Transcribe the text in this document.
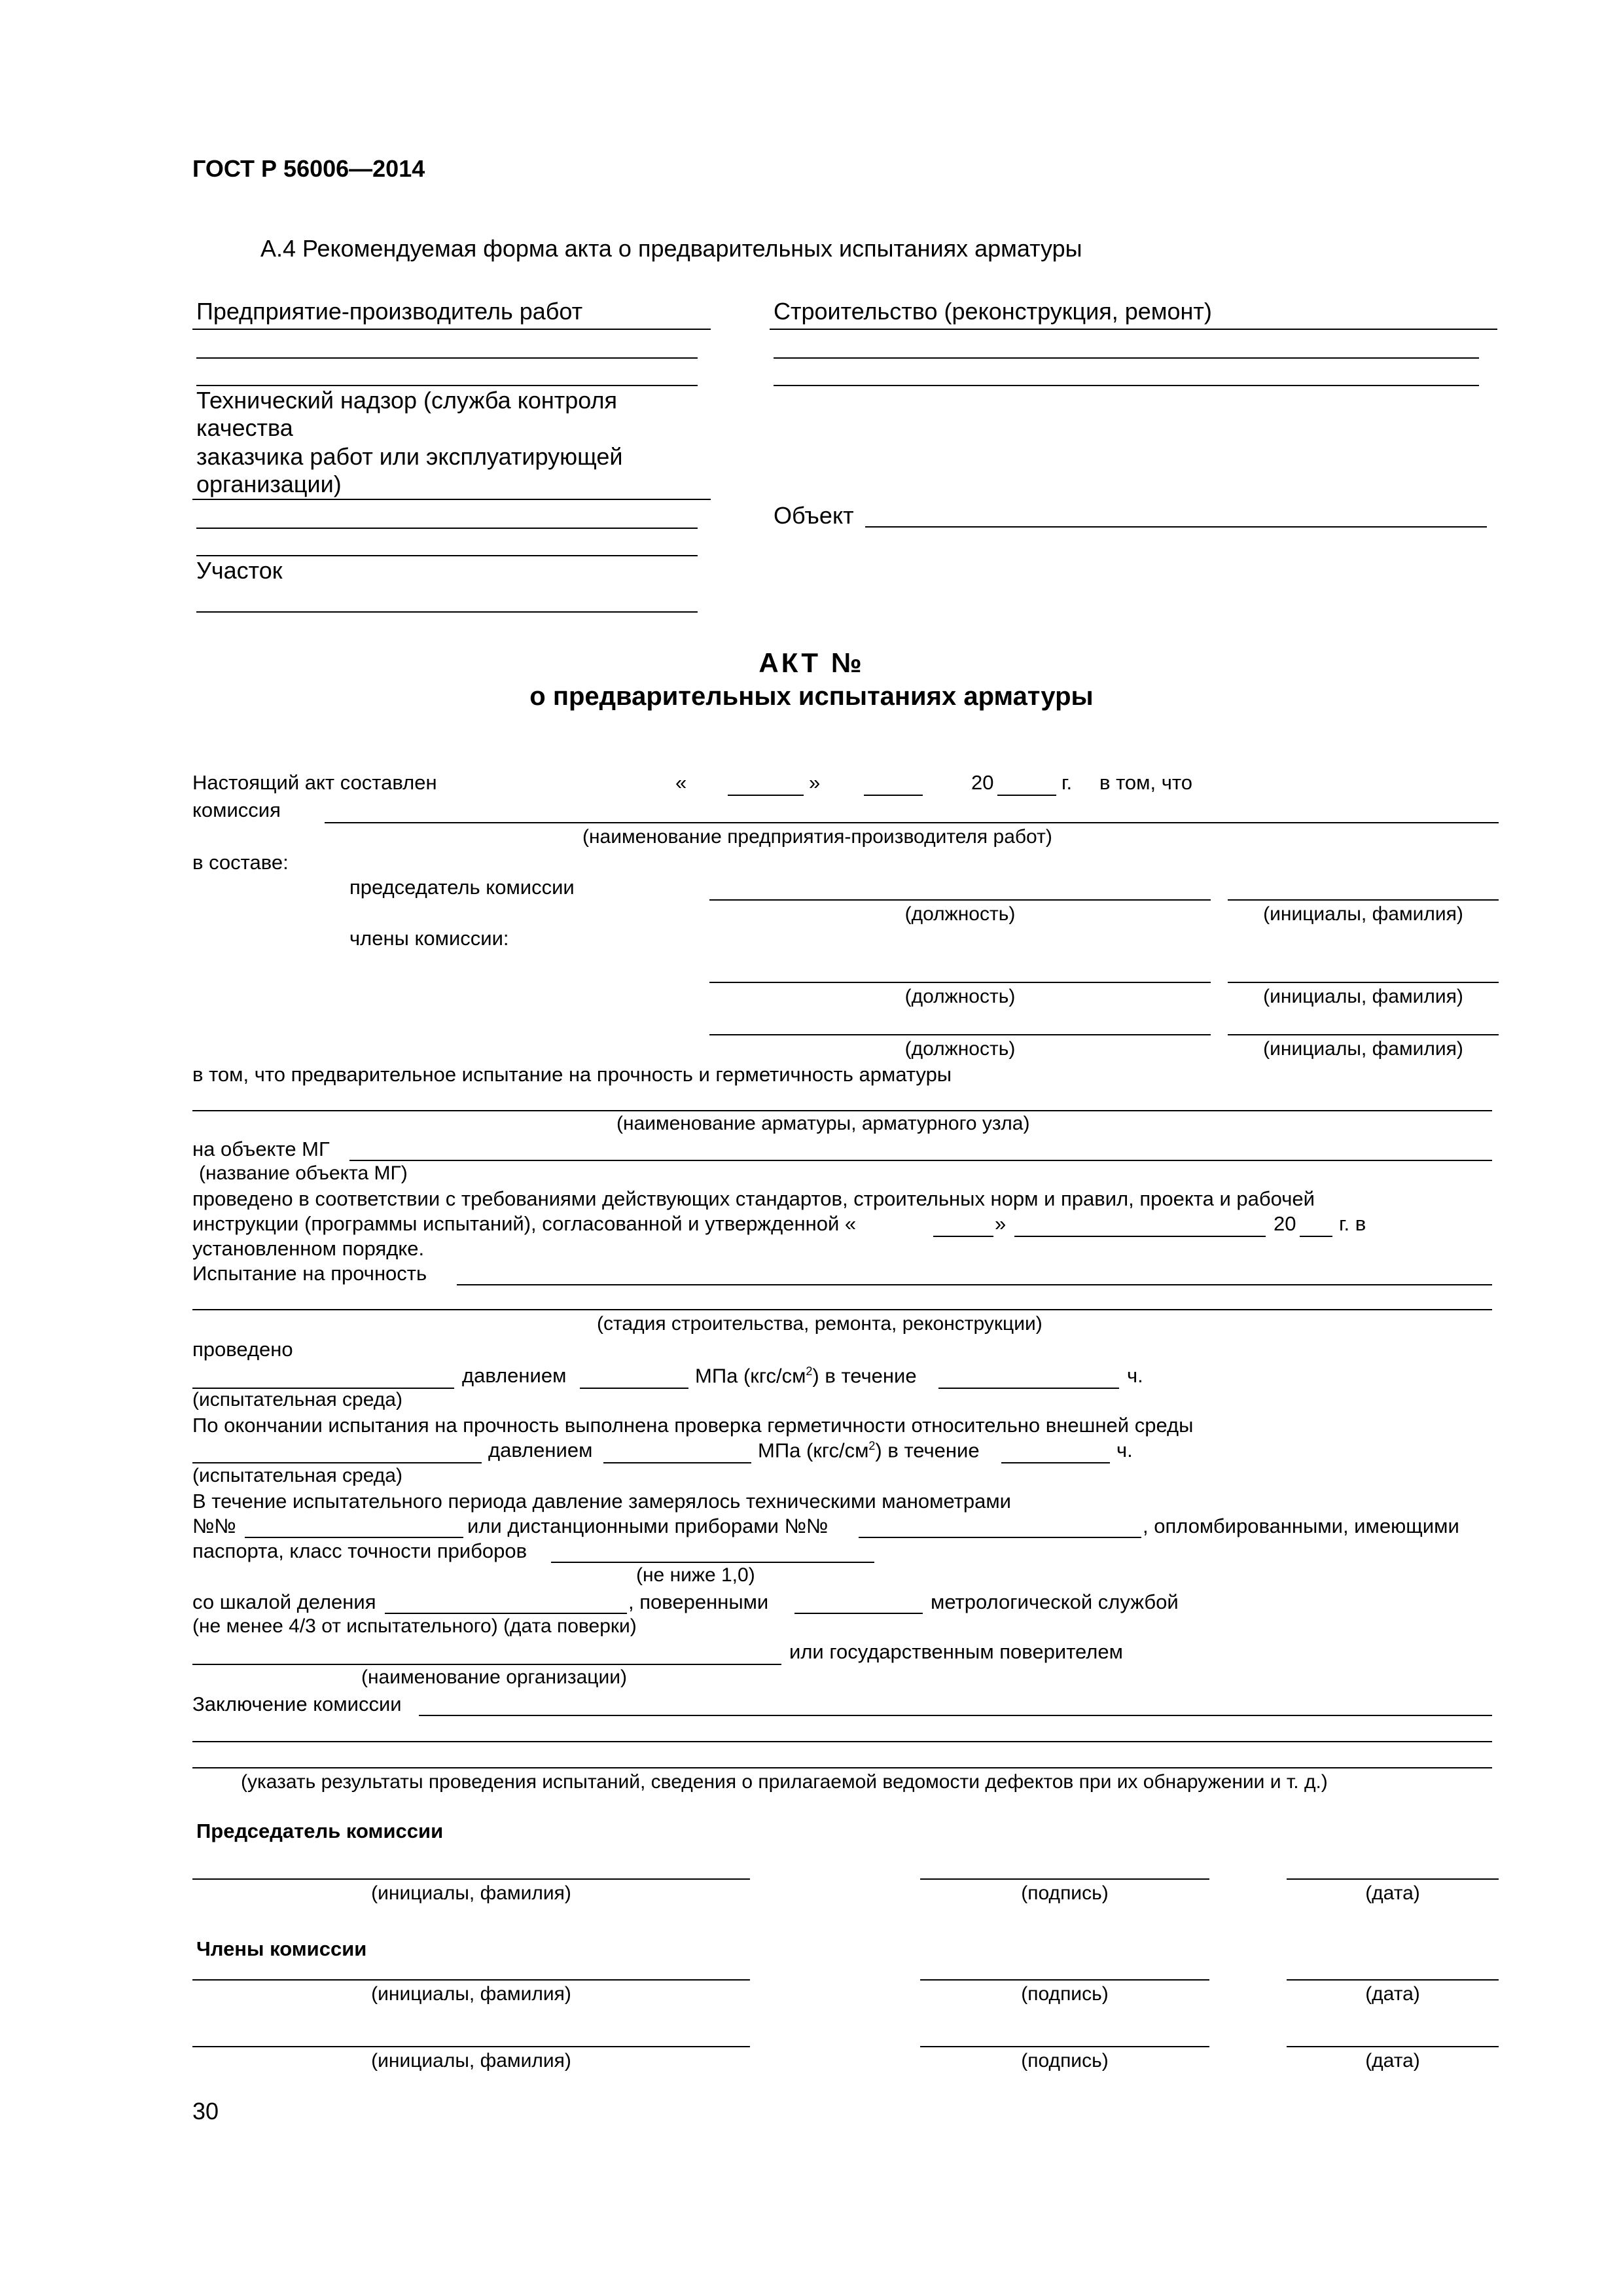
ГОСТ Р 56006—2014
А.4 Рекомендуемая форма акта о предварительных испытаниях арматуры
Предприятие-производитель работ
Технический надзор (служба контроля
качества
заказчика работ или эксплуатирующей
организации)
Участок
Строительство (реконструкция, ремонт)
Объект
АКТ №
о предварительных испытаниях арматуры
Настоящий акт составлен	«	»	20	г. в том, что
комиссия
(наименование предприятия-производителя работ)
в составе:
председатель комиссии
(должность)	(инициалы, фамилия)
члены комиссии:
(должность)	(инициалы, фамилия)
(должность)	(инициалы, фамилия)
в том, что предварительное испытание на прочность и герметичность арматуры
(наименование арматуры, арматурного узла)
на объекте МГ
(название объекта МГ)
проведено в соответствии с требованиями действующих стандартов, строительных норм и правил, проекта и рабочей
инструкции (программы испытаний), согласованной и утвержденной «	»	20 г. в
установленном порядке.
Испытание на прочность
(стадия строительства, ремонта, реконструкции)
проведено
давлением	МПа $(кгс/см^2)$ в течение	ч.
(испытательная среда)
По окончании испытания на прочность выполнена проверка герметичности относительно внешней среды
давлением	МПа $(кгс/см^2)$ в течение	ч.
(испытательная среда)
В течение испытательного периода давление замерялось техническими манометрами
№№	или дистанционными приборами №№	, опломбированными, имеющими
паспорта, класс точности приборов
(не ниже 1,0)
со шкалой деления	, поверенными	метрологической службой
(не менее 4/3 от испытательного) (дата поверки)
или государственным поверителем
(наименование организации)
Заключение комиссии
(указать результаты проведения испытаний, сведения о прилагаемой ведомости дефектов при их обнаружении и т. д.)
Председатель комиссии
(инициалы, фамилия)	(подпись)	(дата)
Члены комиссии
(инициалы, фамилия)	(подпись)	(дата)
(инициалы, фамилия)	(подпись)	(дата)
30
